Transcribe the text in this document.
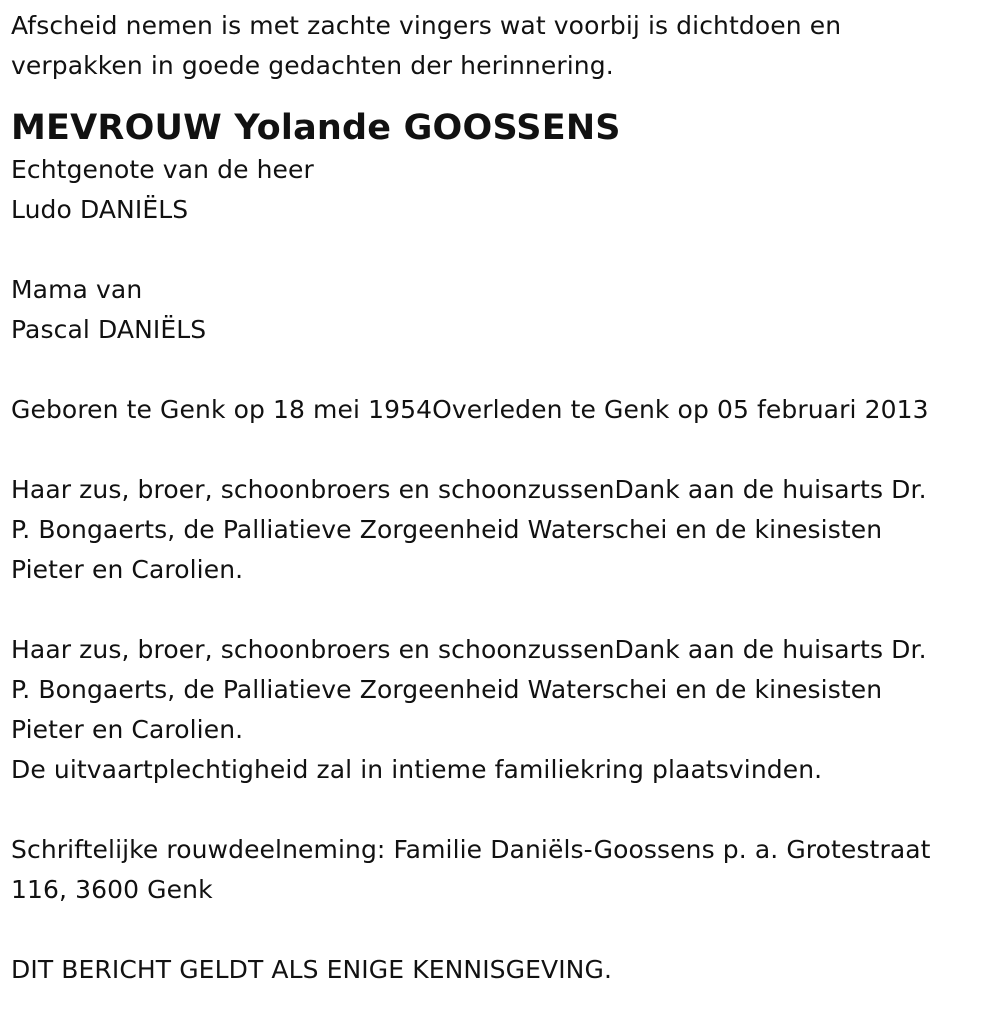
Afscheid nemen is met zachte vingers wat voorbij is dichtdoen en
verpakken in goede gedachten der herinnering.
MEVROUW Yolande GOOSSENS
Echtgenote van de heer
Ludo DANIËLS
Mama van
Pascal DANIËLS
Geboren te Genk op 18 mei 1954Overleden te Genk op 05 februari 2013
Haar zus, broer, schoonbroers en schoonzussenDank aan de huisarts Dr.
P. Bongaerts, de Palliatieve Zorgeenheid Waterschei en de kinesisten
Pieter en Carolien.
Haar zus, broer, schoonbroers en schoonzussenDank aan de huisarts Dr.
P. Bongaerts, de Palliatieve Zorgeenheid Waterschei en de kinesisten
Pieter en Carolien.
De uitvaartplechtigheid zal in intieme familiekring plaatsvinden.
Schriftelijke rouwdeelneming: Familie Daniëls-Goossens p. a. Grotestraat
116, 3600 Genk
DIT BERICHT GELDT ALS ENIGE KENNISGEVING.
